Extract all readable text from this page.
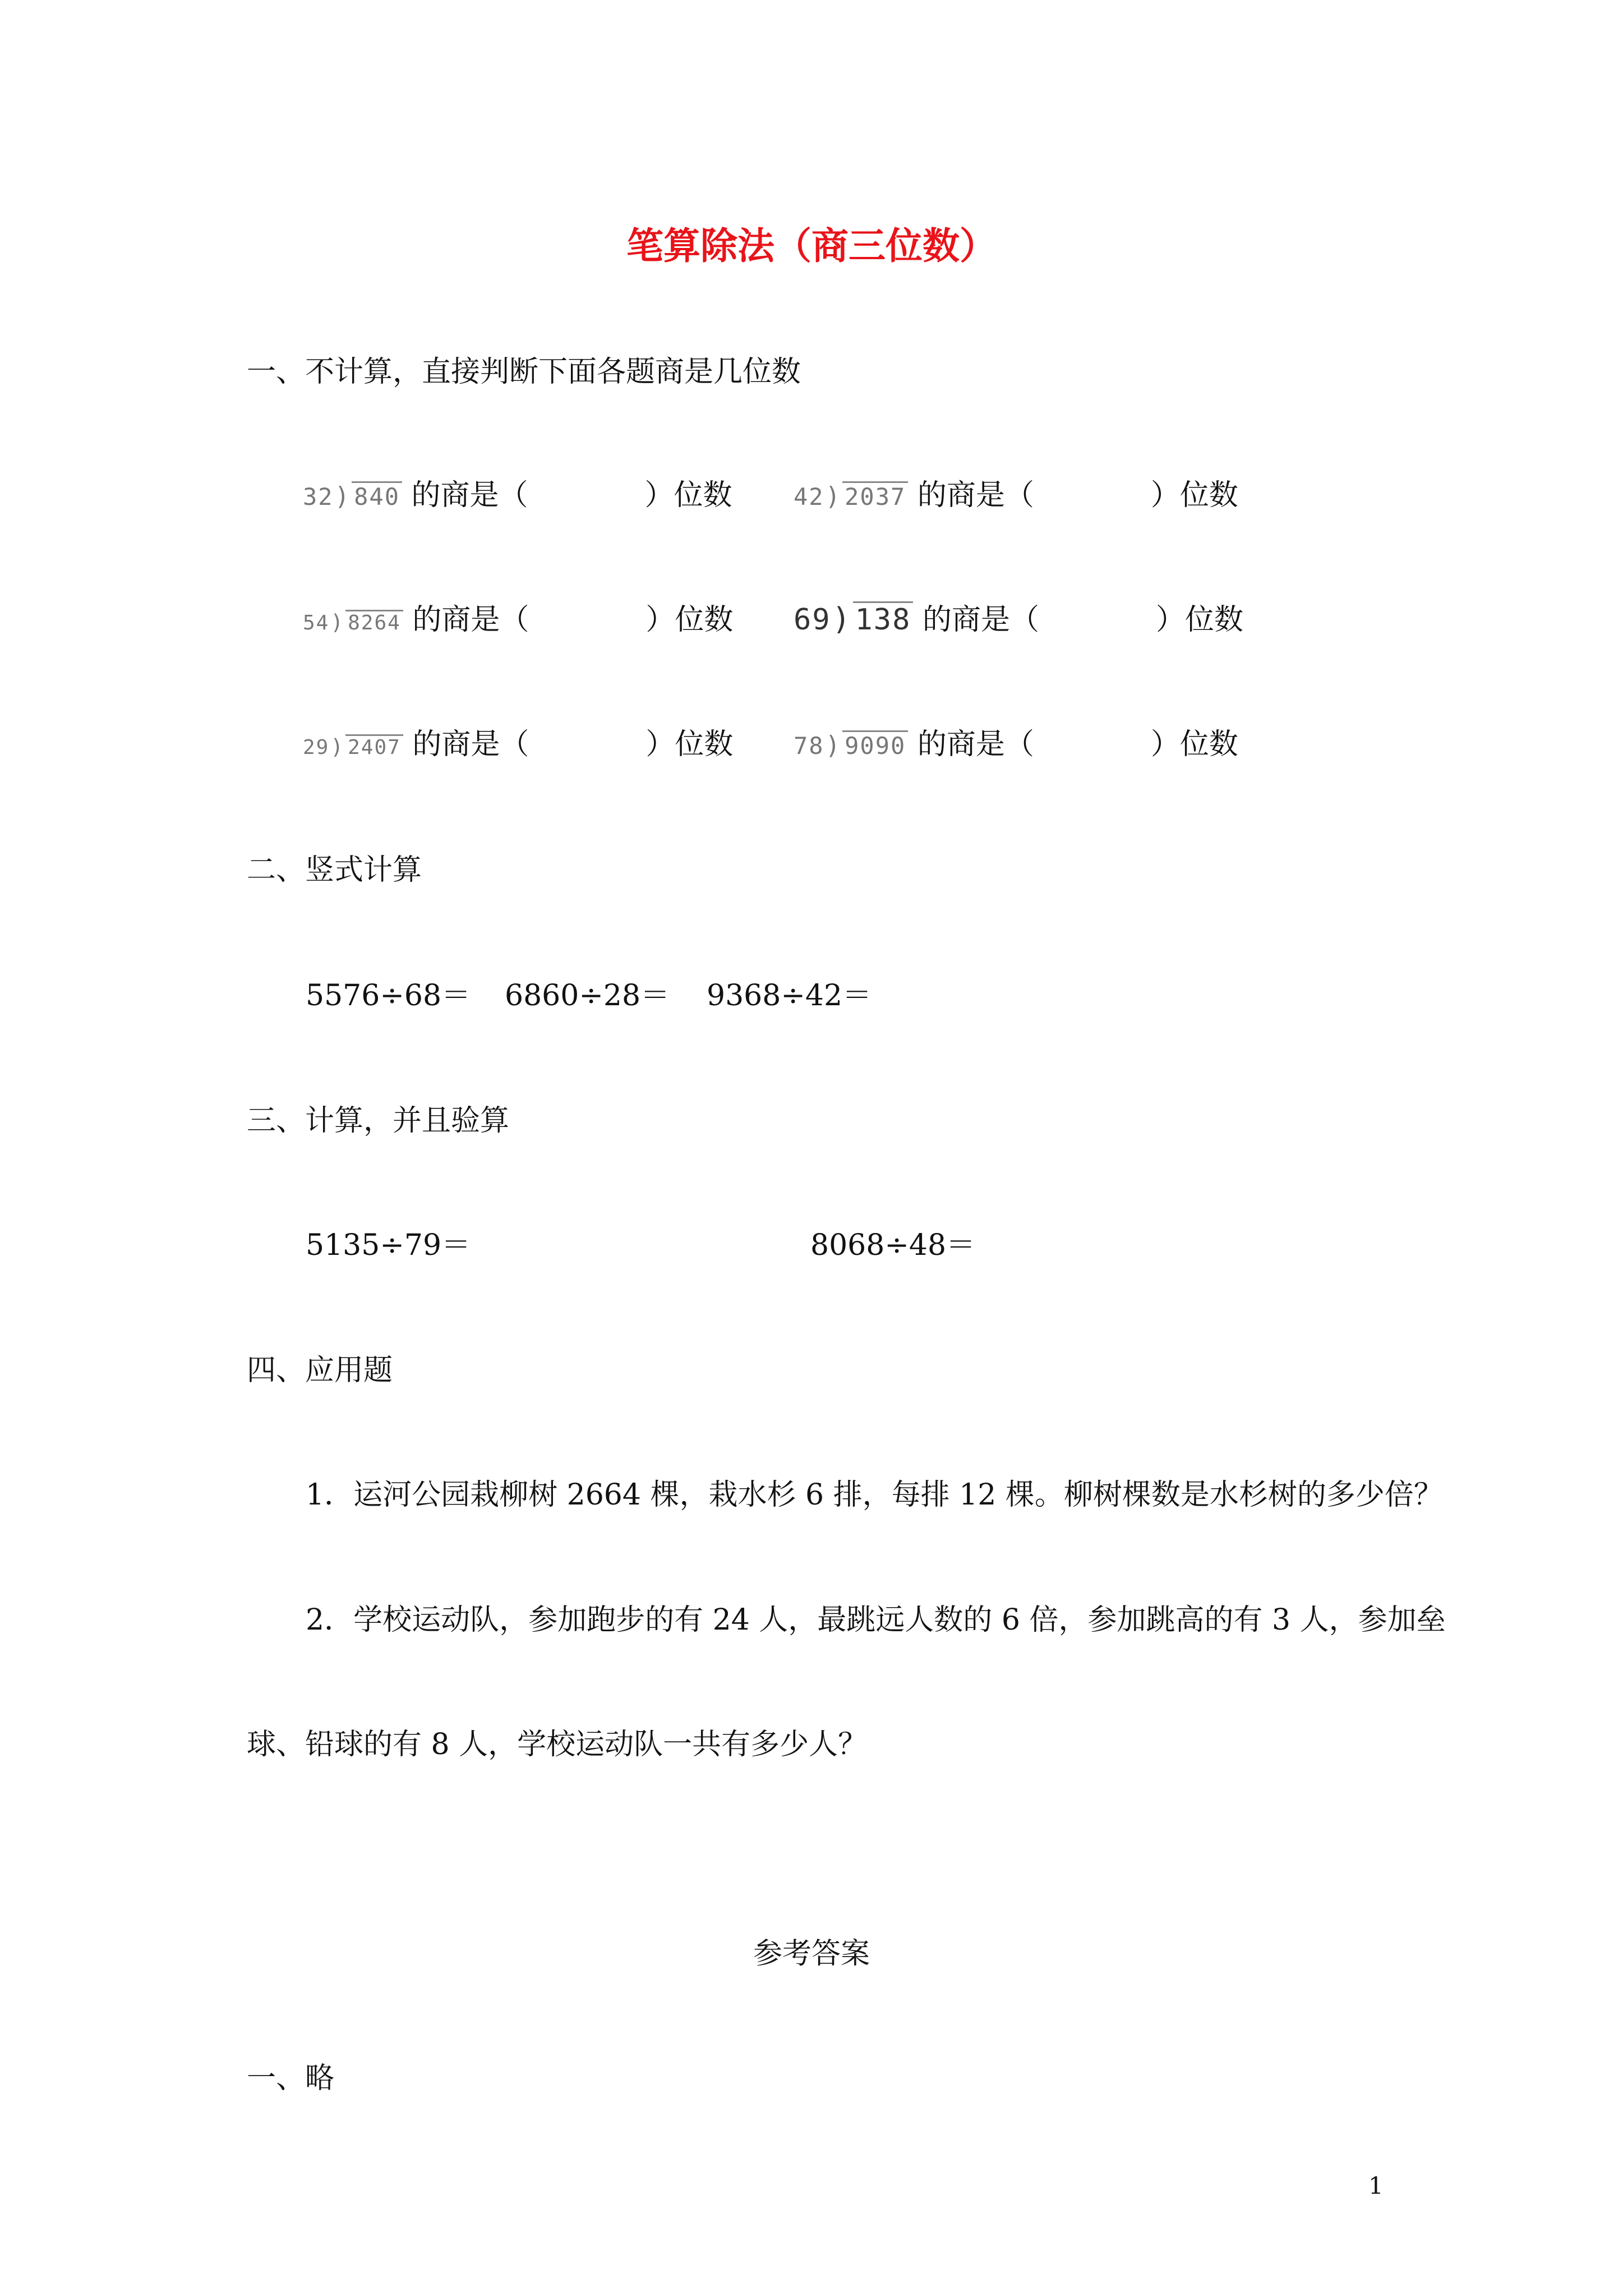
笔算除法（商三位数）
一、不计算，直接判断下面各题商是几位数
32) 840 的商是（　　　　）位数	42) 2037 的商是（　　　　）位数
54) 8264 的商是（　　　　）位数 69) 138 的商是（　　　　）位数
29) 2407 的商是（　　　　）位数	78) 9090 的商是（　　　　）位数
二、竖式计算
5576÷68＝ 6860÷28＝ 9368÷42＝
三、计算，并且验算
5135÷79＝	8068÷48＝
四、应用题
1．运河公园栽柳树 2664 棵，栽水杉 6 排，每排 12 棵。柳树棵数是水杉树的多少倍？
2．学校运动队，参加跑步的有 24 人，最跳远人数的 6 倍，参加跳高的有 3 人，参加垒
球、铅球的有 8 人，学校运动队一共有多少人？
参考答案
一、略
1
